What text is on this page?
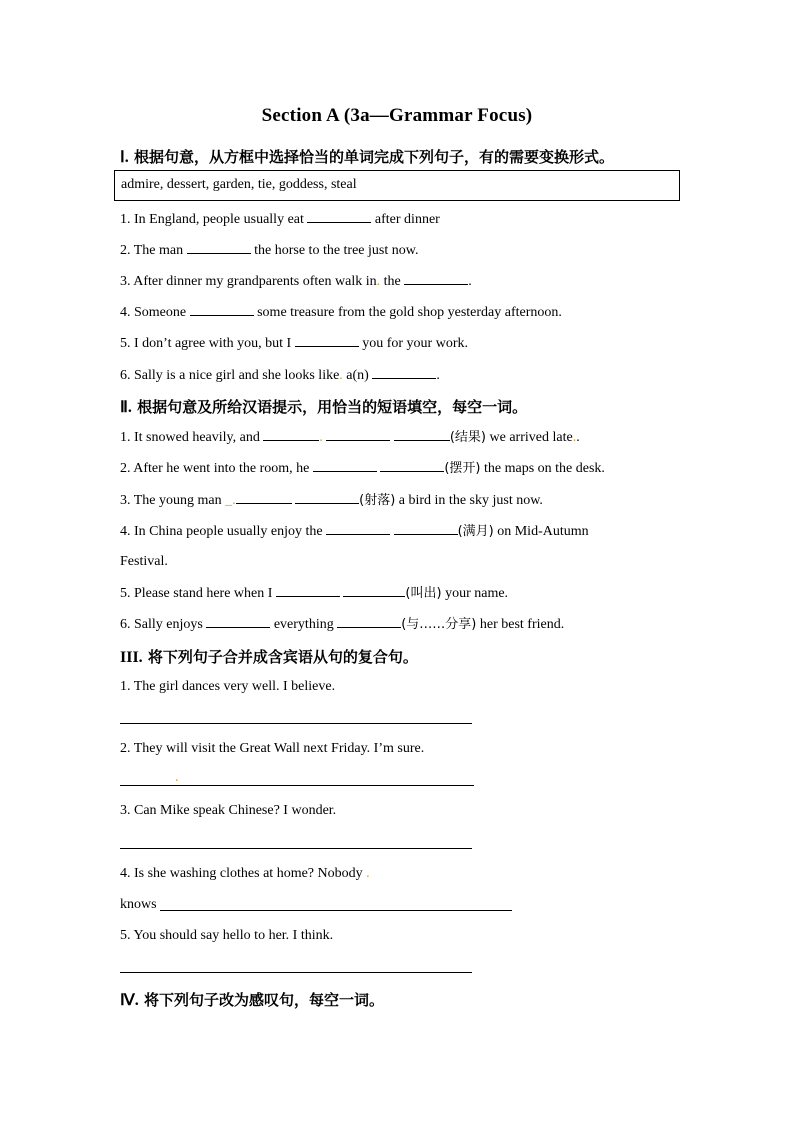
Section A (3a—Grammar Focus)
Ⅰ. 根据句意，从方框中选择恰当的单词完成下列句子，有的需要变换形式。
admire, dessert, garden, tie, goddess, steal
1. In England, people usually eat	after dinner
2. The man	the horse to the tree just now.
3. After dinner my grandparents often walk in. the	.
4. Someone	some treasure from the gold shop yesterday afternoon.
5. I don’t agree with you, but I	you for your work.
6. Sally is a nice girl and she looks like. a(n)	.
Ⅱ. 根据句意及所给汉语提示，用恰当的短语填空，每空一词。
1. It snowed heavily, and	.	(结果) we arrived late..
2. After he went into the room, he	(摆开) the maps on the desk.
3. The young man _.	(射落) a bird in the sky just now.
4. In China people usually enjoy the	(满月) on Mid-Autumn
Festival.
5. Please stand here when I	(叫出) your name.
6. Sally enjoys	everything	(与……分享) her best friend.
III. 将下列句子合并成含宾语从句的复合句。
1. The girl dances very well. I believe.
2. They will visit the Great Wall next Friday. I’m sure.
.
3. Can Mike speak Chinese? I wonder.
4. Is she washing clothes at home? Nobody .
knows
5. You should say hello to her. I think.
Ⅳ. 将下列句子改为感叹句，每空一词。
